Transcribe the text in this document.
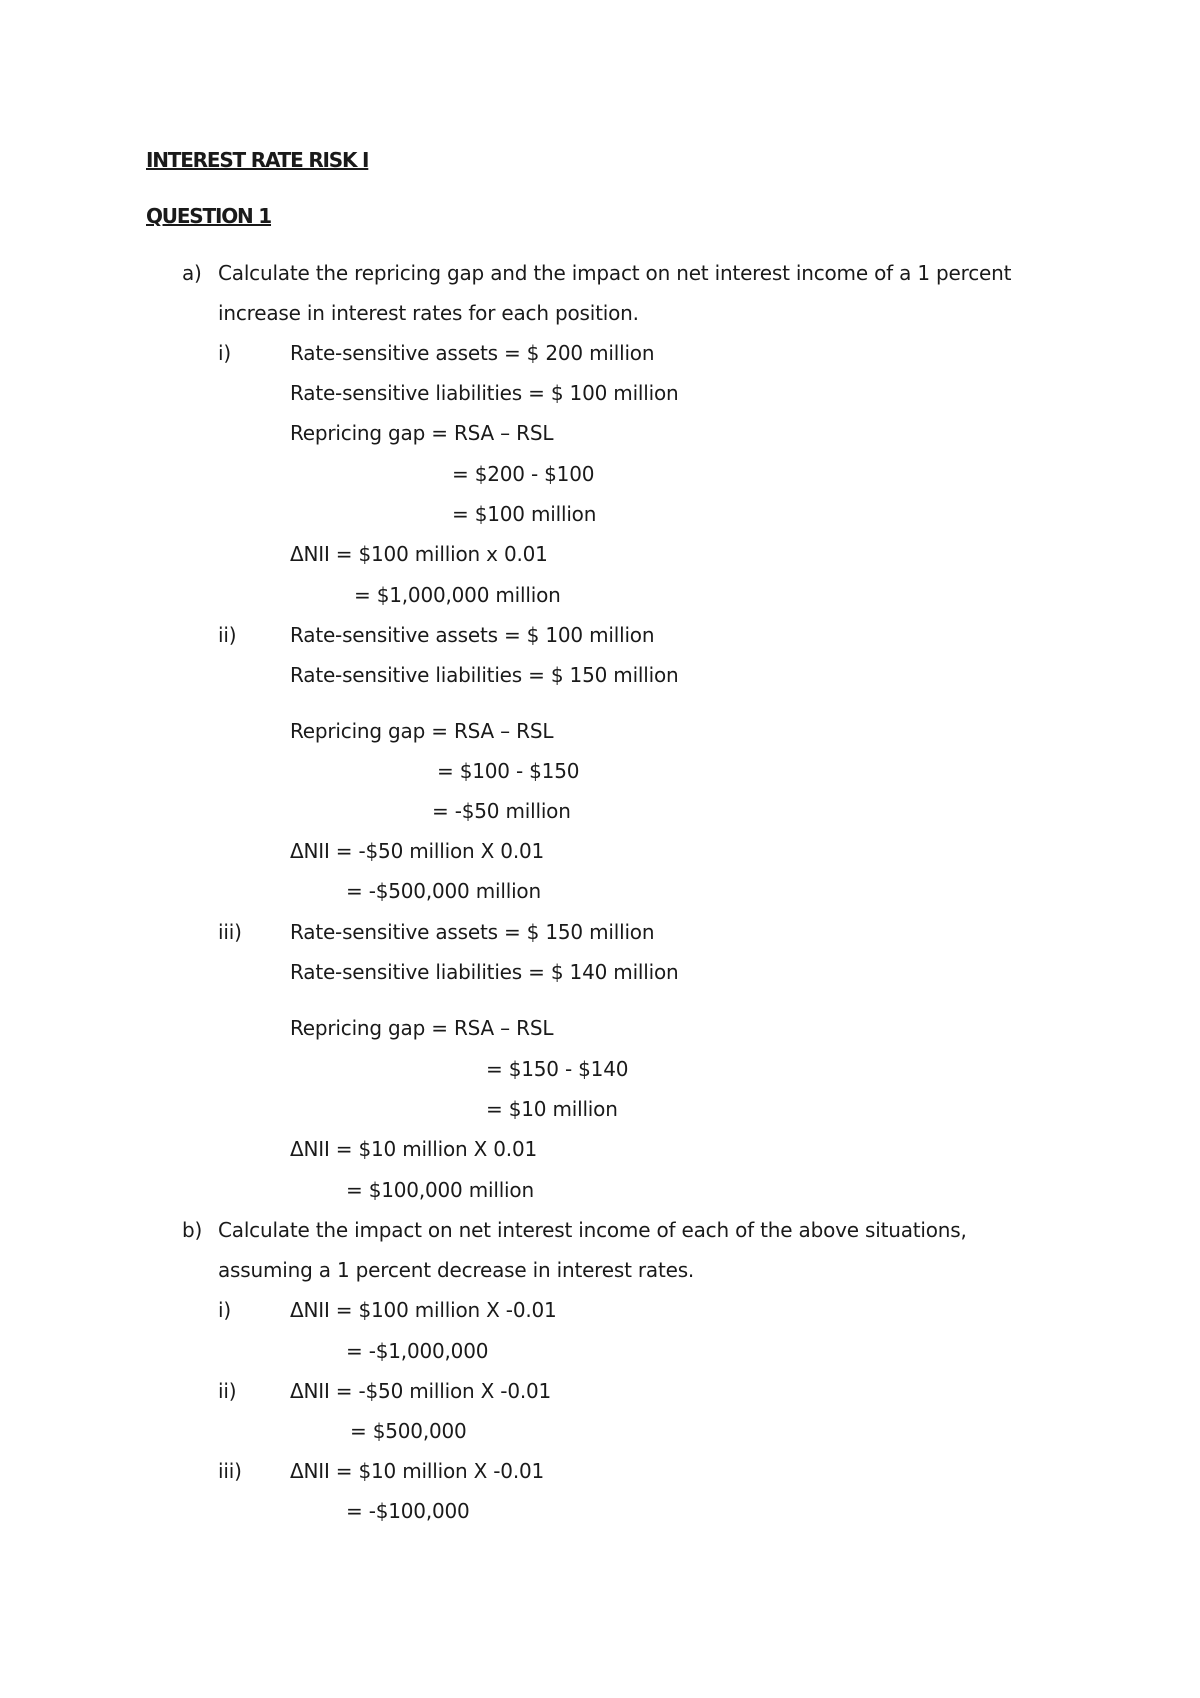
INTEREST RATE RISK I
QUESTION 1
a) Calculate the repricing gap and the impact on net interest income of a 1 percent
increase in interest rates for each position.
i)	Rate-sensitive assets = $ 200 million
Rate-sensitive liabilities = $ 100 million
Repricing gap = RSA – RSL
= $200 - $100
= $100 million
ΔNII = $100 million x 0.01
= $1,000,000 million
ii)	Rate-sensitive assets = $ 100 million
Rate-sensitive liabilities = $ 150 million
Repricing gap = RSA – RSL
= $100 - $150
= -$50 million
ΔNII = -$50 million X 0.01
= -$500,000 million
iii) Rate-sensitive assets = $ 150 million
Rate-sensitive liabilities = $ 140 million
Repricing gap = RSA – RSL
= $150 - $140
= $10 million
ΔNII = $10 million X 0.01
= $100,000 million
b) Calculate the impact on net interest income of each of the above situations,
assuming a 1 percent decrease in interest rates.
i)	ΔNII = $100 million X -0.01
= -$1,000,000
ii)	ΔNII = -$50 million X -0.01
= $500,000
iii) ΔNII = $10 million X -0.01
= -$100,000
